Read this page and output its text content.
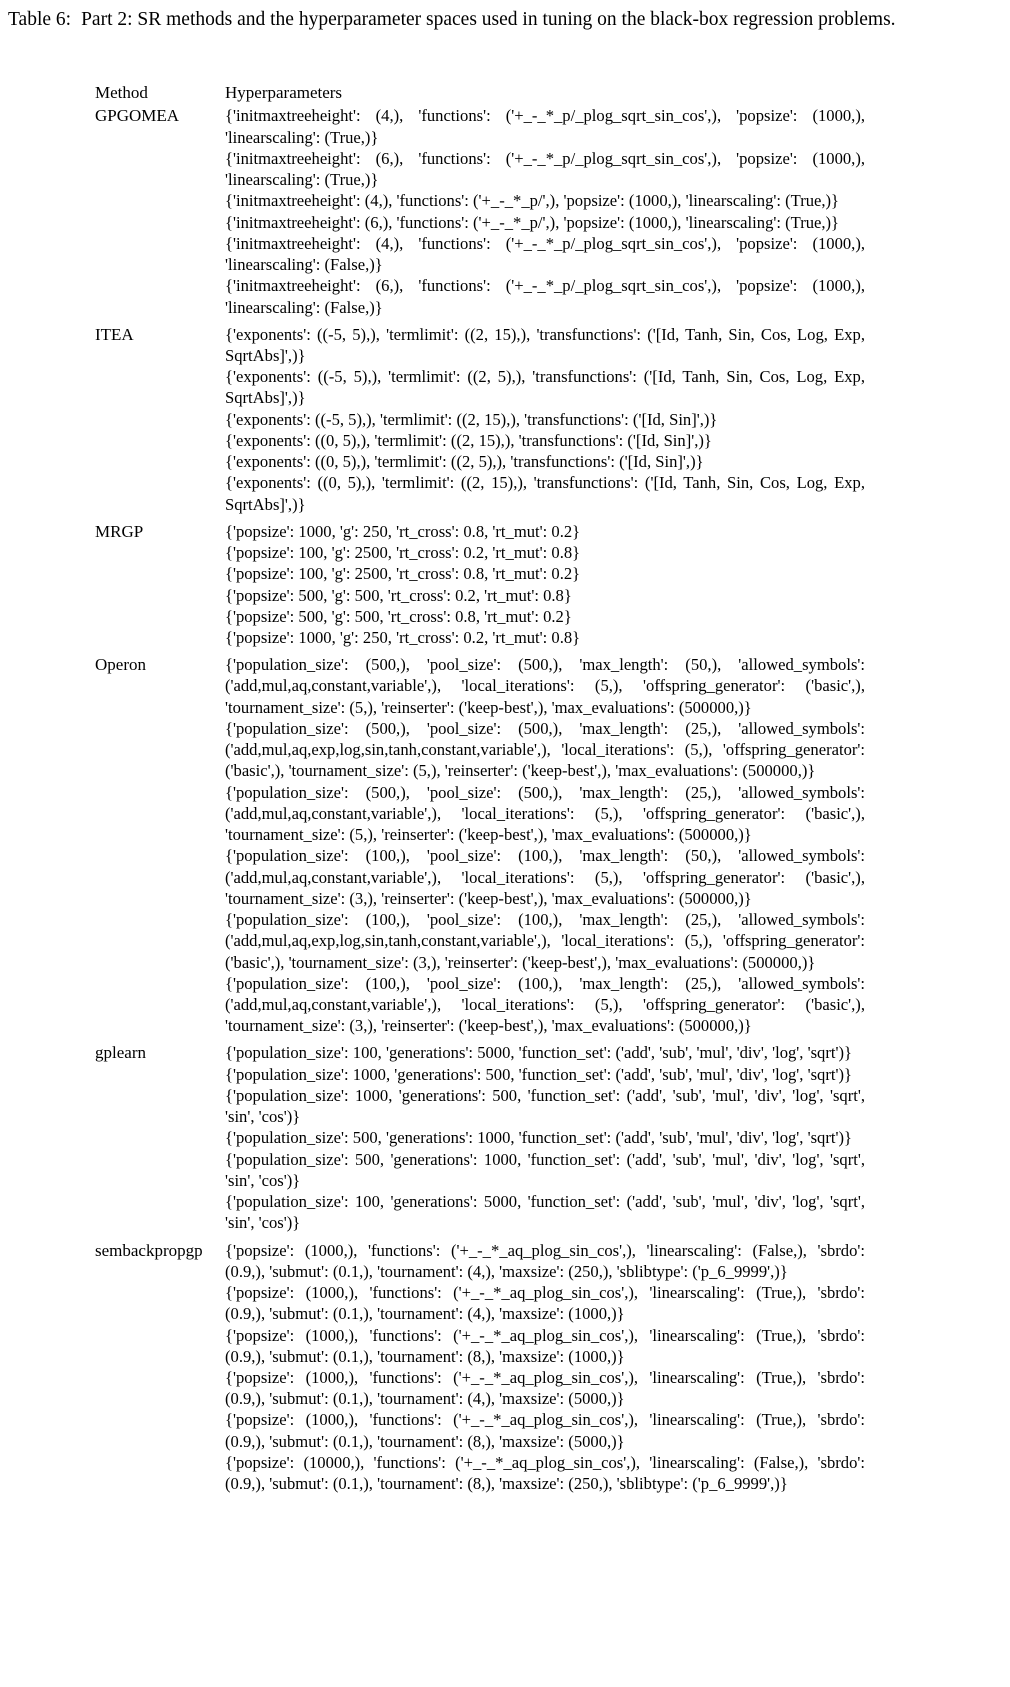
Table 6: Part 2: SR methods and the hyperparameter spaces used in tuning on the black-box regression problems.

Method	Hyperparameters

GPGOMEA	{'initmaxtreeheight': (4,), 'functions': ('+_-_*_p/_plog_sqrt_sin_cos',), 'popsize': (1000,), 'linearscaling': (True,)}
{'initmaxtreeheight': (6,), 'functions': ('+_-_*_p/_plog_sqrt_sin_cos',), 'popsize': (1000,), 'linearscaling': (True,)}
{'initmaxtreeheight': (4,), 'functions': ('+_-_*_p/',), 'popsize': (1000,), 'linearscaling': (True,)}
{'initmaxtreeheight': (6,), 'functions': ('+_-_*_p/',), 'popsize': (1000,), 'linearscaling': (True,)}
{'initmaxtreeheight': (4,), 'functions': ('+_-_*_p/_plog_sqrt_sin_cos',), 'popsize': (1000,), 'linearscaling': (False,)}
{'initmaxtreeheight': (6,), 'functions': ('+_-_*_p/_plog_sqrt_sin_cos',), 'popsize': (1000,), 'linearscaling': (False,)}

ITEA	{'exponents': ((-5, 5),), 'termlimit': ((2, 15),), 'transfunctions': ('[Id, Tanh, Sin, Cos, Log, Exp, SqrtAbs]',)}
{'exponents': ((-5, 5),), 'termlimit': ((2, 5),), 'transfunctions': ('[Id, Tanh, Sin, Cos, Log, Exp, SqrtAbs]',)}
{'exponents': ((-5, 5),), 'termlimit': ((2, 15),), 'transfunctions': ('[Id, Sin]',)}
{'exponents': ((0, 5),), 'termlimit': ((2, 15),), 'transfunctions': ('[Id, Sin]',)}
{'exponents': ((0, 5),), 'termlimit': ((2, 5),), 'transfunctions': ('[Id, Sin]',)}
{'exponents': ((0, 5),), 'termlimit': ((2, 15),), 'transfunctions': ('[Id, Tanh, Sin, Cos, Log, Exp, SqrtAbs]',)}

MRGP	{'popsize': 1000, 'g': 250, 'rt_cross': 0.8, 'rt_mut': 0.2}
{'popsize': 100, 'g': 2500, 'rt_cross': 0.2, 'rt_mut': 0.8}
{'popsize': 100, 'g': 2500, 'rt_cross': 0.8, 'rt_mut': 0.2}
{'popsize': 500, 'g': 500, 'rt_cross': 0.2, 'rt_mut': 0.8}
{'popsize': 500, 'g': 500, 'rt_cross': 0.8, 'rt_mut': 0.2}
{'popsize': 1000, 'g': 250, 'rt_cross': 0.2, 'rt_mut': 0.8}

Operon	{'population_size': (500,), 'pool_size': (500,), 'max_length': (50,), 'allowed_symbols': ('add,mul,aq,constant,variable',), 'local_iterations': (5,), 'offspring_generator': ('basic',), 'tournament_size': (5,), 'reinserter': ('keep-best',), 'max_evaluations': (500000,)}
{'population_size': (500,), 'pool_size': (500,), 'max_length': (25,), 'allowed_symbols': ('add,mul,aq,exp,log,sin,tanh,constant,variable',), 'local_iterations': (5,), 'offspring_generator': ('basic',), 'tournament_size': (5,), 'reinserter': ('keep-best',), 'max_evaluations': (500000,)}
{'population_size': (500,), 'pool_size': (500,), 'max_length': (25,), 'allowed_symbols': ('add,mul,aq,constant,variable',), 'local_iterations': (5,), 'offspring_generator': ('basic',), 'tournament_size': (5,), 'reinserter': ('keep-best',), 'max_evaluations': (500000,)}
{'population_size': (100,), 'pool_size': (100,), 'max_length': (50,), 'allowed_symbols': ('add,mul,aq,constant,variable',), 'local_iterations': (5,), 'offspring_generator': ('basic',), 'tournament_size': (3,), 'reinserter': ('keep-best',), 'max_evaluations': (500000,)}
{'population_size': (100,), 'pool_size': (100,), 'max_length': (25,), 'allowed_symbols': ('add,mul,aq,exp,log,sin,tanh,constant,variable',), 'local_iterations': (5,), 'offspring_generator': ('basic',), 'tournament_size': (3,), 'reinserter': ('keep-best',), 'max_evaluations': (500000,)}
{'population_size': (100,), 'pool_size': (100,), 'max_length': (25,), 'allowed_symbols': ('add,mul,aq,constant,variable',), 'local_iterations': (5,), 'offspring_generator': ('basic',), 'tournament_size': (3,), 'reinserter': ('keep-best',), 'max_evaluations': (500000,)}

gplearn	{'population_size': 100, 'generations': 5000, 'function_set': ('add', 'sub', 'mul', 'div', 'log', 'sqrt')}
{'population_size': 1000, 'generations': 500, 'function_set': ('add', 'sub', 'mul', 'div', 'log', 'sqrt')}
{'population_size': 1000, 'generations': 500, 'function_set': ('add', 'sub', 'mul', 'div', 'log', 'sqrt', 'sin', 'cos')}
{'population_size': 500, 'generations': 1000, 'function_set': ('add', 'sub', 'mul', 'div', 'log', 'sqrt')}
{'population_size': 500, 'generations': 1000, 'function_set': ('add', 'sub', 'mul', 'div', 'log', 'sqrt', 'sin', 'cos')}
{'population_size': 100, 'generations': 5000, 'function_set': ('add', 'sub', 'mul', 'div', 'log', 'sqrt', 'sin', 'cos')}

sembackpropgp	{'popsize': (1000,), 'functions': ('+_-_*_aq_plog_sin_cos',), 'linearscaling': (False,), 'sbrdo': (0.9,), 'submut': (0.1,), 'tournament': (4,), 'maxsize': (250,), 'sblibtype': ('p_6_9999',)}
{'popsize': (1000,), 'functions': ('+_-_*_aq_plog_sin_cos',), 'linearscaling': (True,), 'sbrdo': (0.9,), 'submut': (0.1,), 'tournament': (4,), 'maxsize': (1000,)}
{'popsize': (1000,), 'functions': ('+_-_*_aq_plog_sin_cos',), 'linearscaling': (True,), 'sbrdo': (0.9,), 'submut': (0.1,), 'tournament': (8,), 'maxsize': (1000,)}
{'popsize': (1000,), 'functions': ('+_-_*_aq_plog_sin_cos',), 'linearscaling': (True,), 'sbrdo': (0.9,), 'submut': (0.1,), 'tournament': (4,), 'maxsize': (5000,)}
{'popsize': (1000,), 'functions': ('+_-_*_aq_plog_sin_cos',), 'linearscaling': (True,), 'sbrdo': (0.9,), 'submut': (0.1,), 'tournament': (8,), 'maxsize': (5000,)}
{'popsize': (10000,), 'functions': ('+_-_*_aq_plog_sin_cos',), 'linearscaling': (False,), 'sbrdo': (0.9,), 'submut': (0.1,), 'tournament': (8,), 'maxsize': (250,), 'sblibtype': ('p_6_9999',)}
